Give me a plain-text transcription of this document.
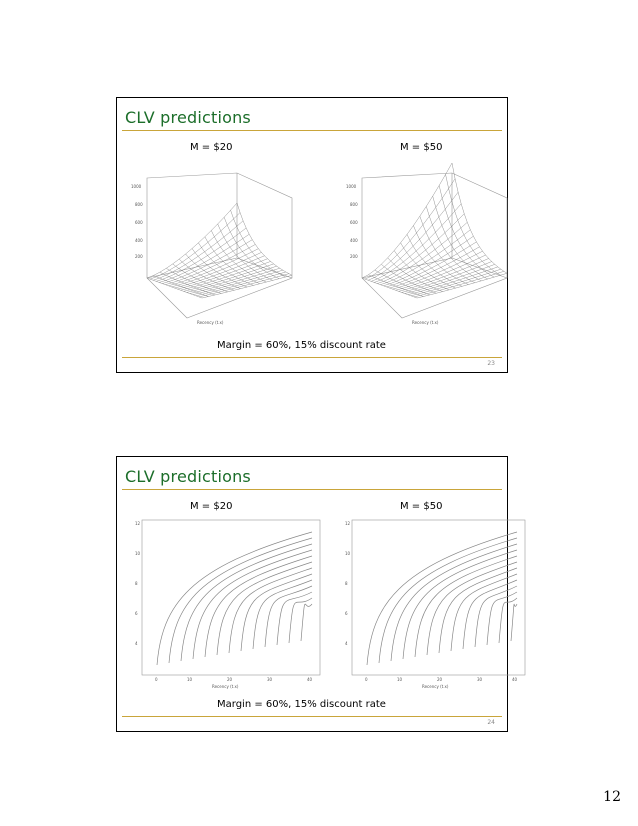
CLV predictions
M = $20	M = $50
1000
800
600
400
200
Recency (t.x)
1000
800
600
400
200
Recency (t.x)
Margin = 60%, 15% discount rate
23
CLV predictions
M = $20	M = $50
12
10
8
6
4
0	10	20	30	40
Recency (t.x)
12
10
8
6
4
0	10	20	30	40
Recency (t.x)
Margin = 60%, 15% discount rate
24
12
